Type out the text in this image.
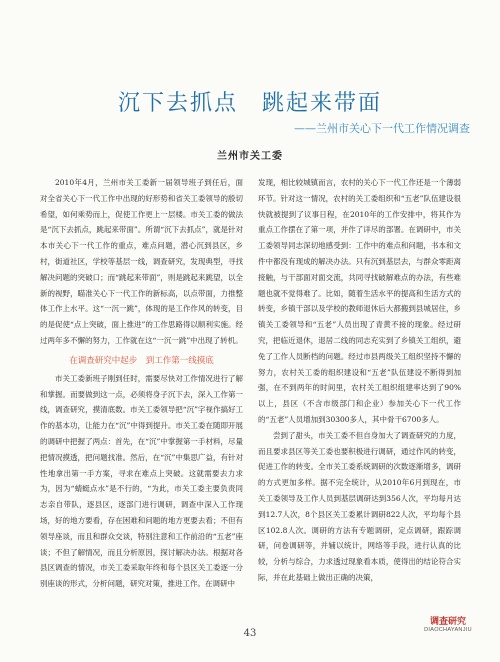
沉下去抓点　跳起来带面
——兰州市关心下一代工作情况调查
兰州市关工委

2010年4月，兰州市关工委新一届领导班子到任后，面对全省关心下一代工作中出现的好形势和省关工委领导的殷切希望，如何乘势而上，促使工作更上一层楼。市关工委的做法是“沉下去抓点，跳起来带面”。所谓“沉下去抓点”，就是针对本市关心下一代工作的重点，难点问题，潜心沉到县区，乡村，街道社区，学校等基层一线，调查研究，发现典型，寻找解决问题的突破口；而“跳起来带面”，则是跳起来跳望，以全新的视野，瞄准关心下一代工作的新标高，以点带面，力推整体工作上水平。这“一沉一跳”，体现的是工作作风的转变，目的是促使“点上突破，面上推进”的工作思路得以顺利实施。经过两年多不懈的努力，工作就在这“一沉一跳”中出现了转机。

在调查研究中起步　到工作第一线摸底

市关工委新班子刚到任时，需要尽快对工作情况进行了解和掌握。而要做到这一点，必须将身子沉下去，深入工作第一线，调查研究，摸清底数。市关工委领导把“沉”字视作搞好工作的基本功，让能力在“沉”中得到提升。市关工委在随即开展的调研中把握了两点：首先，在“沉”中掌握第一手材料，尽量把情况摸透，把问题找准。然后，在“沉”中集思广益，有针对性地拿出第一手方案，寻求在难点上突破。这就需要去力求为，因为“蜻蜓点水”是不行的，“为此，市关工委主要负责同志亲自带队，逐县区，逐部门进行调研，调查中深入工作现场，好的地方要看，存在困难和问题的地方更要去看；不但有领导座谈，而且和群众交谈，特别注意和工作前沿的“五老”座谈；不但了解情况，而且分析原因，探讨解决办法。根据对各县区调查的情况，市关工委采取年终和每个县区关工委逐一分别座谈的形式，分析问题，研究对策，推进工作。在调研中

发现，相比较城镇而言，农村的关心下一代工作还是一个薄弱环节。针对这一情况，农村的关工委组织和“五老”队伍建设很快就被提到了议事日程，在2010年的工作安排中，将其作为重点工作摆在了第一项，并作了详尽的部署。在调研中，市关工委领导同志深切地感受到：工作中的难点和问题，书本和文件中都没有现成的解决办法。只有沉到基层去，与群众零距离接触，与干部面对面交流，共同寻找破解难点的办法，有些难题也就不觉得难了。比如，随着生活水平的提高和生活方式的转变，乡镇干部以及学校的教师退休后大都搬到县城居住，乡镇关工委领导和“五老”人员出现了青黄不接的现象。经过研究，把临近退休，退居二线的同志充实到了乡镇关工组织，避免了工作人员断档的问题。经过市县两级关工组织坚持不懈的努力，农村关工委的组织建设和“五老”队伍建设不断得到加强，在不到两年的时间里，农村关工组织组建率达到了90%以上，县区（不含市级部门和企业）参加关心下一代工作的“五老”人员增加到30300多人，其中骨干6700多人。

尝到了甜头，市关工委不但自身加大了调查研究的力度，而且要求县区等关工委也要积极进行调研，通过作风的转变，促进工作的转变。全市关工委系统调研的次数逐渐增多，调研的方式更加多样。据不完全统计，从2010年6月到现在，市关工委领导及工作人员到基层调研达到356人次，平均每月达到12.7人次，8个县区关工委累计调研822人次，平均每个县区102.8人次。调研的方法有专题调研，定点调研，跟踪调研，问卷调研等，并辅以统计，网络等手段，进行认真的比较，分析与综合，力求透过现象看本质，使得出的结论符合实际，并在此基础上做出正确的决策，

43
调查研究
DIAOCHAYANJIU
